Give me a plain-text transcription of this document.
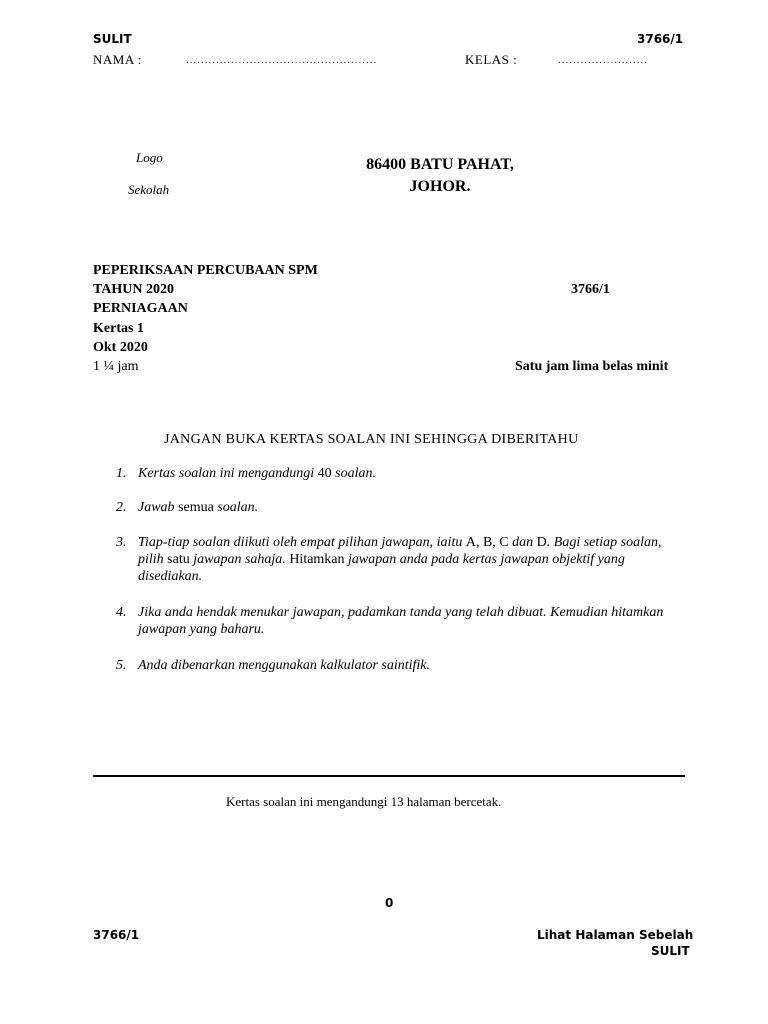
SULIT	3766/1
NAMA :	...................................................	KELAS :	........................
Logo
Sekolah
86400 BATU PAHAT,
JOHOR.
PEPERIKSAAN PERCUBAAN SPM
TAHUN 2020	3766/1
PERNIAGAAN
Kertas 1
Okt 2020
1 ¼ jam	Satu jam lima belas minit
JANGAN BUKA KERTAS SOALAN INI SEHINGGA DIBERITAHU
1. Kertas soalan ini mengandungi 40 soalan.
2. Jawab semua soalan.
3. Tiap-tiap soalan diikuti oleh empat pilihan jawapan, iaitu A, B, C dan D. Bagi setiap soalan, pilih satu jawapan sahaja. Hitamkan jawapan anda pada kertas jawapan objektif yang disediakan.
4. Jika anda hendak menukar jawapan, padamkan tanda yang telah dibuat. Kemudian hitamkan jawapan yang baharu.
5. Anda dibenarkan menggunakan kalkulator saintifik.
Kertas soalan ini mengandungi 13 halaman bercetak.
0
3766/1	Lihat Halaman Sebelah
SULIT
